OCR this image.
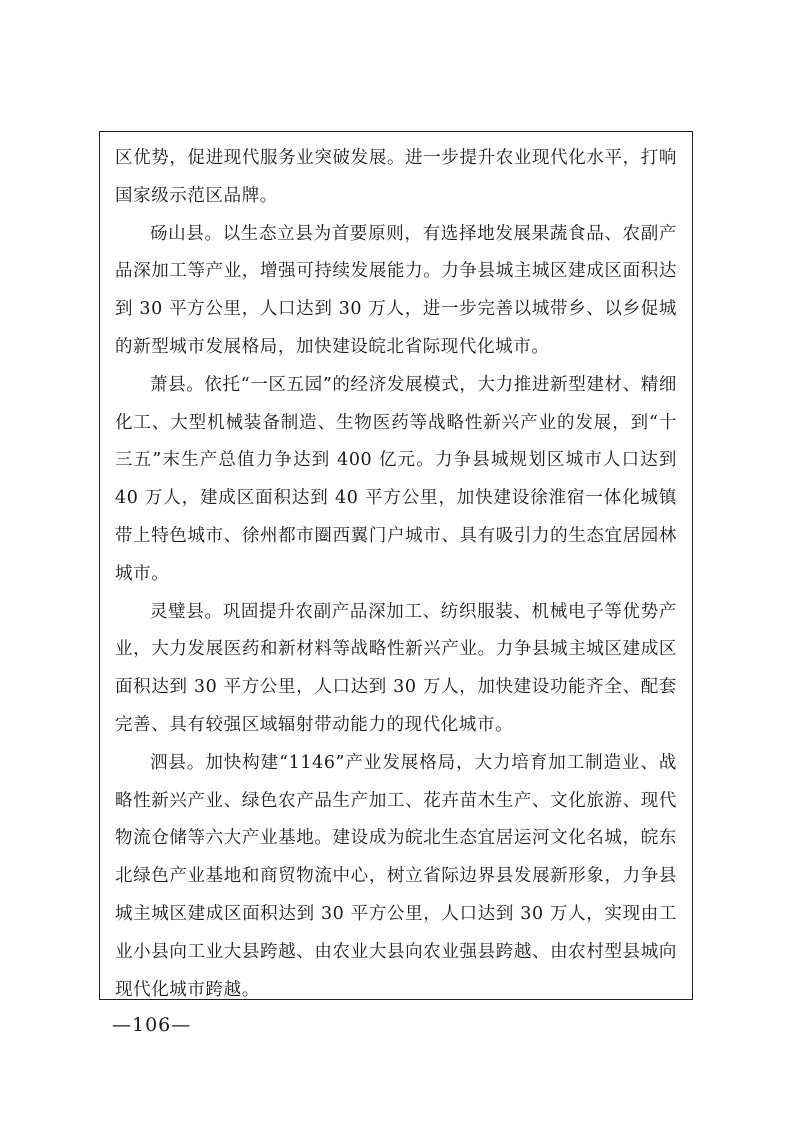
区优势，促进现代服务业突破发展。进一步提升农业现代化水平，打响国家级示范区品牌。

砀山县。以生态立县为首要原则，有选择地发展果蔬食品、农副产品深加工等产业，增强可持续发展能力。力争县城主城区建成区面积达到 30 平方公里，人口达到 30 万人，进一步完善以城带乡、以乡促城的新型城市发展格局，加快建设皖北省际现代化城市。

萧县。依托“一区五园”的经济发展模式，大力推进新型建材、精细化工、大型机械装备制造、生物医药等战略性新兴产业的发展，到“十三五”末生产总值力争达到 400 亿元。力争县城规划区城市人口达到 40 万人，建成区面积达到 40 平方公里，加快建设徐淮宿一体化城镇带上特色城市、徐州都市圈西翼门户城市、具有吸引力的生态宜居园林城市。

灵璧县。巩固提升农副产品深加工、纺织服装、机械电子等优势产业，大力发展医药和新材料等战略性新兴产业。力争县城主城区建成区面积达到 30 平方公里，人口达到 30 万人，加快建设功能齐全、配套完善、具有较强区域辐射带动能力的现代化城市。

泗县。加快构建“1146”产业发展格局，大力培育加工制造业、战略性新兴产业、绿色农产品生产加工、花卉苗木生产、文化旅游、现代物流仓储等六大产业基地。建设成为皖北生态宜居运河文化名城，皖东北绿色产业基地和商贸物流中心，树立省际边界县发展新形象，力争县城主城区建成区面积达到 30 平方公里，人口达到 30 万人，实现由工业小县向工业大县跨越、由农业大县向农业强县跨越、由农村型县城向现代化城市跨越。

—106—
